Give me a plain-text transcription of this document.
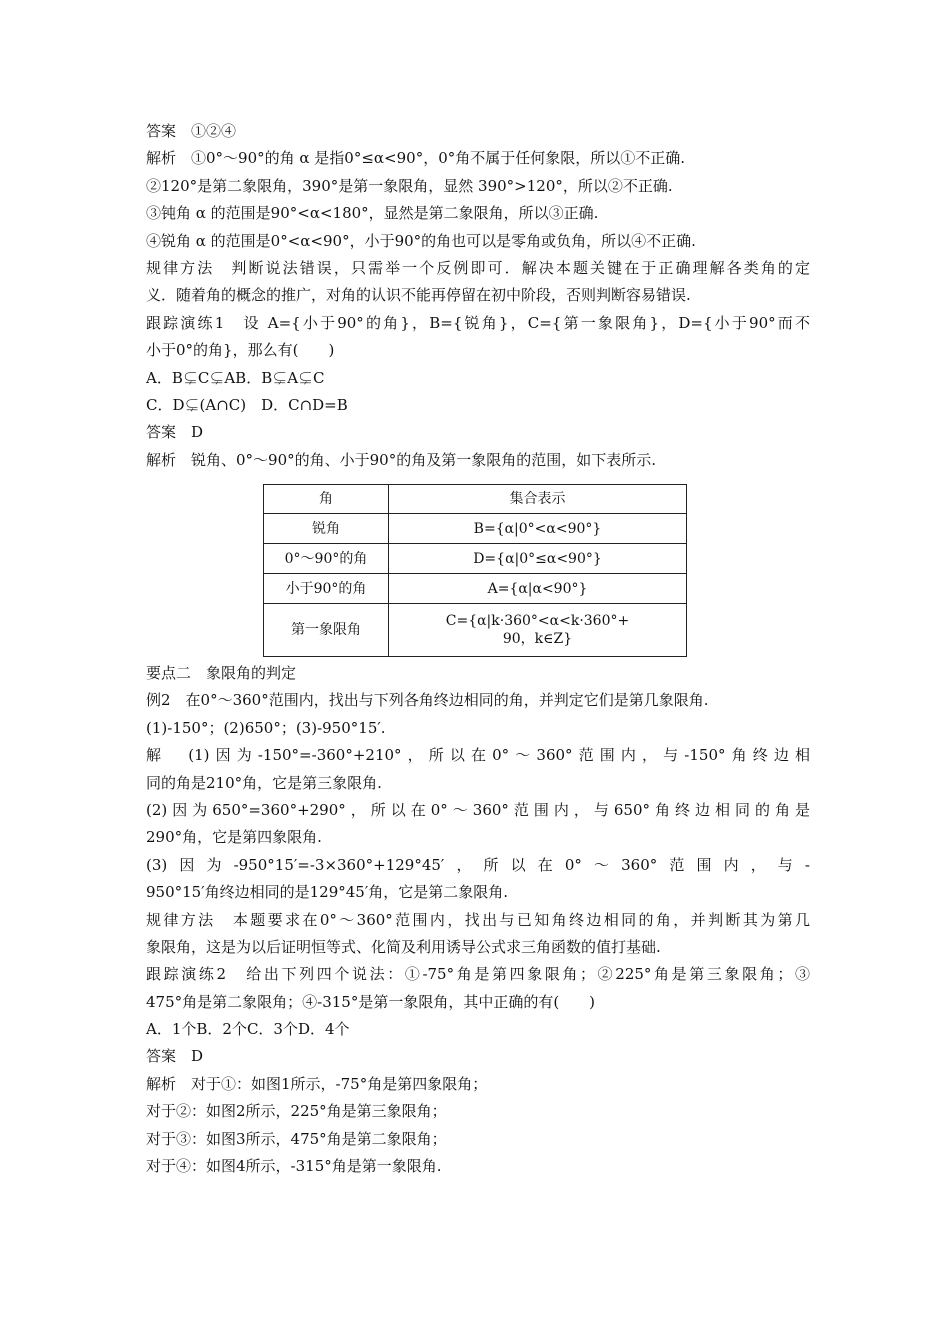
答案　①②④
解析　①0°～90°的角 α 是指0°≤α<90°，0°角不属于任何象限，所以①不正确.
②120°是第二象限角，390°是第一象限角，显然 390°>120°，所以②不正确.
③钝角 α 的范围是90°<α<180°，显然是第二象限角，所以③正确.
④锐角 α 的范围是0°<α<90°，小于90°的角也可以是零角或负角，所以④不正确.
规律方法　判断说法错误，只需举一个反例即可．解决本题关键在于正确理解各类角的定
义．随着角的概念的推广，对角的认识不能再停留在初中阶段，否则判断容易错误.
跟踪演练1　设 A={小于90°的角}，B={锐角}，C={第一象限角}，D={小于90°而不
小于0°的角}，那么有(　　)
A．B⊊C⊊AB．B⊊A⊊C
C．D⊊(A∩C)　D．C∩D=B
答案　D
解析　锐角、0°～90°的角、小于90°的角及第一象限角的范围，如下表所示.
角	集合表示
锐角	B={α|0°<α<90°}
0°～90°的角	D={α|0°≤α<90°}
小于90°的角	A={α|α<90°}
第一象限角	C={α|k·360°<α<k·360°+
90，k∈Z}
要点二　象限角的判定
例2　在0°～360°范围内，找出与下列各角终边相同的角，并判定它们是第几象限角.
(1)-150°；(2)650°；(3)-950°15′.
解　(1)因为-150°=-360°+210°，所以在0°～360°范围内，与-150°角终边相
同的角是210°角，它是第三象限角.
(2)因为650°=360°+290°，所以在0°～360°范围内，与650°角终边相同的角是
290°角，它是第四象限角.
(3)因为-950°15′=-3×360°+129°45′，所以在0°～360°范围内，与-
950°15′角终边相同的是129°45′角，它是第二象限角.
规律方法　本题要求在0°～360°范围内，找出与已知角终边相同的角，并判断其为第几
象限角，这是为以后证明恒等式、化简及利用诱导公式求三角函数的值打基础.
跟踪演练2　给出下列四个说法：①-75°角是第四象限角；②225°角是第三象限角；③
475°角是第二象限角；④-315°是第一象限角，其中正确的有(　　)
A．1个B．2个C．3个D．4个
答案　D
解析　对于①：如图1所示，-75°角是第四象限角；
对于②：如图2所示，225°角是第三象限角；
对于③：如图3所示，475°角是第二象限角；
对于④：如图4所示，-315°角是第一象限角.
